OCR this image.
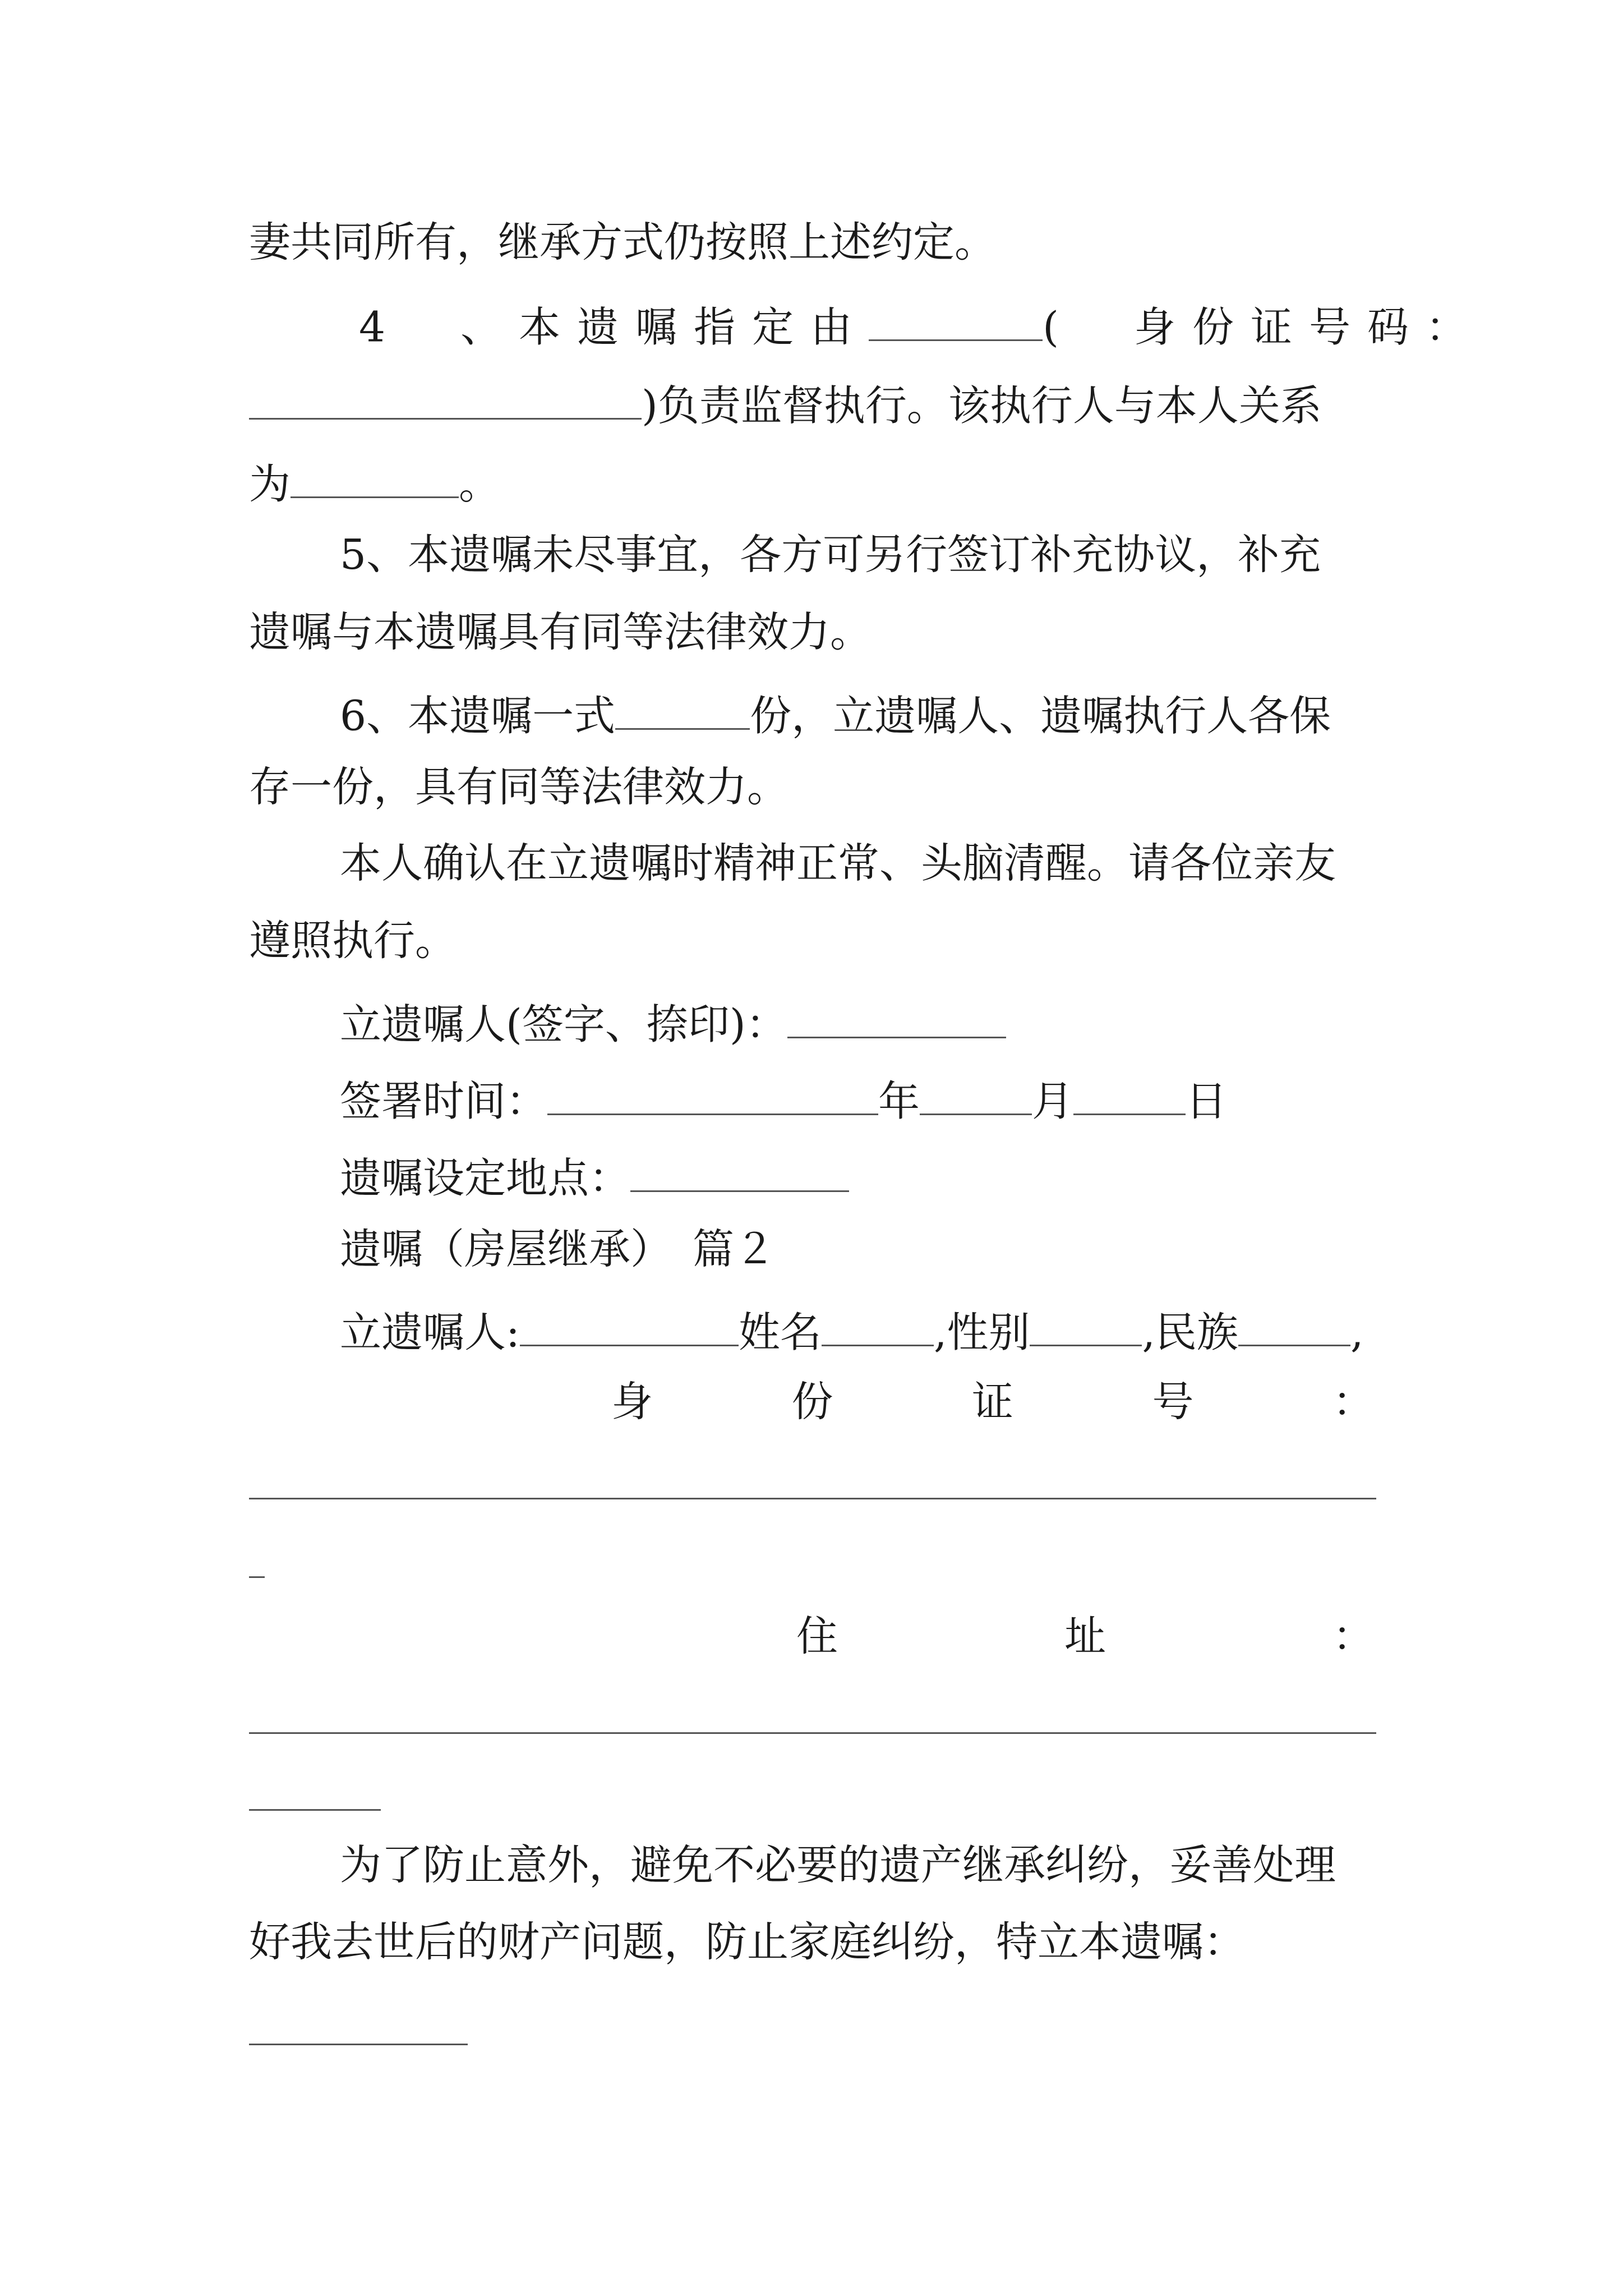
妻共同所有，继承方式仍按照上述约定。
4　、本遗嘱指定由	(　身份证号码：
)负责监督执行。该执行人与本人关系
为	。
5、本遗嘱未尽事宜，各方可另行签订补充协议，补充
遗嘱与本遗嘱具有同等法律效力。
6、本遗嘱一式	份，立遗嘱人、遗嘱执行人各保
存一份，具有同等法律效力。
本人确认在立遗嘱时精神正常、头脑清醒。请各位亲友
遵照执行。
立遗嘱人(签字、捺印)：
签署时间：	年	月	日
遗嘱设定地点：
遗嘱（房屋继承）　篇２
立遗嘱人:	姓名	,性别	,民族	,
身	份	证	号	：
住	址	：
为了防止意外，避免不必要的遗产继承纠纷，妥善处理
好我去世后的财产问题，防止家庭纠纷，特立本遗嘱：
